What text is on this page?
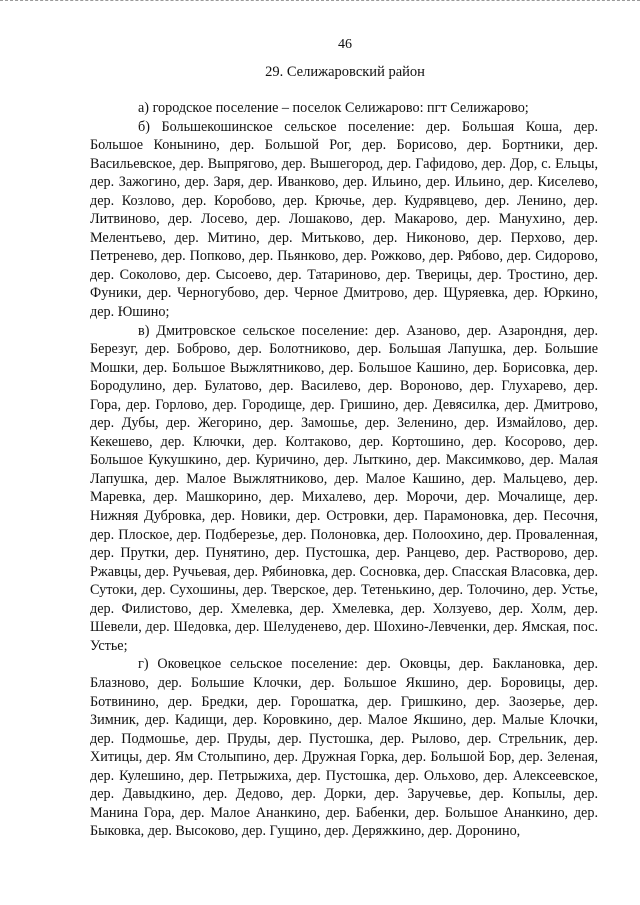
46
29. Селижаровский район

а) городское поселение – поселок Селижарово: пгт Селижарово;

б) Большекошинское сельское поселение: дер. Большая Коша, дер. Большое Конынино, дер. Большой Рог, дер. Борисово, дер. Бортники, дер. Васильевское, дер. Выпрягово, дер. Вышегород, дер. Гафидово, дер. Дор, с. Ельцы, дер. Зажогино, дер. Заря, дер. Иванково, дер. Ильино, дер. Ильино, дер. Киселево, дер. Козлово, дер. Коробово, дер. Крючье, дер. Кудрявцево, дер. Ленино, дер. Литвиново, дер. Лосево, дер. Лошаково, дер. Макарово, дер. Манухино, дер. Мелентьево, дер. Митино, дер. Митьково, дер. Никоново, дер. Перхово, дер. Петренево, дер. Попково, дер. Пьянково, дер. Рожково, дер. Рябово, дер. Сидорово, дер. Соколово, дер. Сысоево, дер. Татариново, дер. Тверицы, дер. Тростино, дер. Фуники, дер. Черногубово, дер. Черное Дмитрово, дер. Щуряевка, дер. Юркино, дер. Юшино;

в) Дмитровское сельское поселение: дер. Азаново, дер. Азарондня, дер. Березуг, дер. Боброво, дер. Болотниково, дер. Большая Лапушка, дер. Большие Мошки, дер. Большое Выжлятниково, дер. Большое Кашино, дер. Борисовка, дер. Бородулино, дер. Булатово, дер. Василево, дер. Вороново, дер. Глухарево, дер. Гора, дер. Горлово, дер. Городище, дер. Гришино, дер. Девясилка, дер. Дмитрово, дер. Дубы, дер. Жегорино, дер. Замошье, дер. Зеленино, дер. Измайлово, дер. Кекешево, дер. Ключки, дер. Колтаково, дер. Кортошино, дер. Косорово, дер. Большое Кукушкино, дер. Куричино, дер. Лыткино, дер. Максимково, дер. Малая Лапушка, дер. Малое Выжлятниково, дер. Малое Кашино, дер. Мальцево, дер. Маревка, дер. Машкорино, дер. Михалево, дер. Морочи, дер. Мочалище, дер. Нижняя Дубровка, дер. Новики, дер. Островки, дер. Парамоновка, дер. Песочня, дер. Плоское, дер. Подберезье, дер. Полоновка, дер. Полоохино, дер. Проваленная, дер. Прутки, дер. Пунятино, дер. Пустошка, дер. Ранцево, дер. Растворово, дер. Ржавцы, дер. Ручьевая, дер. Рябиновка, дер. Сосновка, дер. Спасская Власовка, дер. Сутоки, дер. Сухошины, дер. Тверское, дер. Тетенькино, дер. Толочино, дер. Устье, дер. Филистово, дер. Хмелевка, дер. Хмелевка, дер. Холзуево, дер. Холм, дер. Шевели, дер. Шедовка, дер. Шелуденево, дер. Шохино-Левченки, дер. Ямская, пос. Устье;

г) Оковецкое сельское поселение: дер. Оковцы, дер. Баклановка, дер. Блазново, дер. Большие Клочки, дер. Большое Якшино, дер. Боровицы, дер. Ботвинино, дер. Бредки, дер. Горошатка, дер. Гришкино, дер. Заозерье, дер. Зимник, дер. Кадищи, дер. Коровкино, дер. Малое Якшино, дер. Малые Клочки, дер. Подмошье, дер. Пруды, дер. Пустошка, дер. Рылово, дер. Стрельник, дер. Хитицы, дер. Ям Столыпино, дер. Дружная Горка, дер. Большой Бор, дер. Зеленая, дер. Кулешино, дер. Петрыжиха, дер. Пустошка, дер. Ольхово, дер. Алексеевское, дер. Давыдкино, дер. Дедово, дер. Дорки, дер. Заручевье, дер. Копылы, дер. Манина Гора, дер. Малое Ананкино, дер. Бабенки, дер. Большое Ананкино, дер. Быковка, дер. Высоково, дер. Гущино, дер. Деряжкино, дер. Доронино,
